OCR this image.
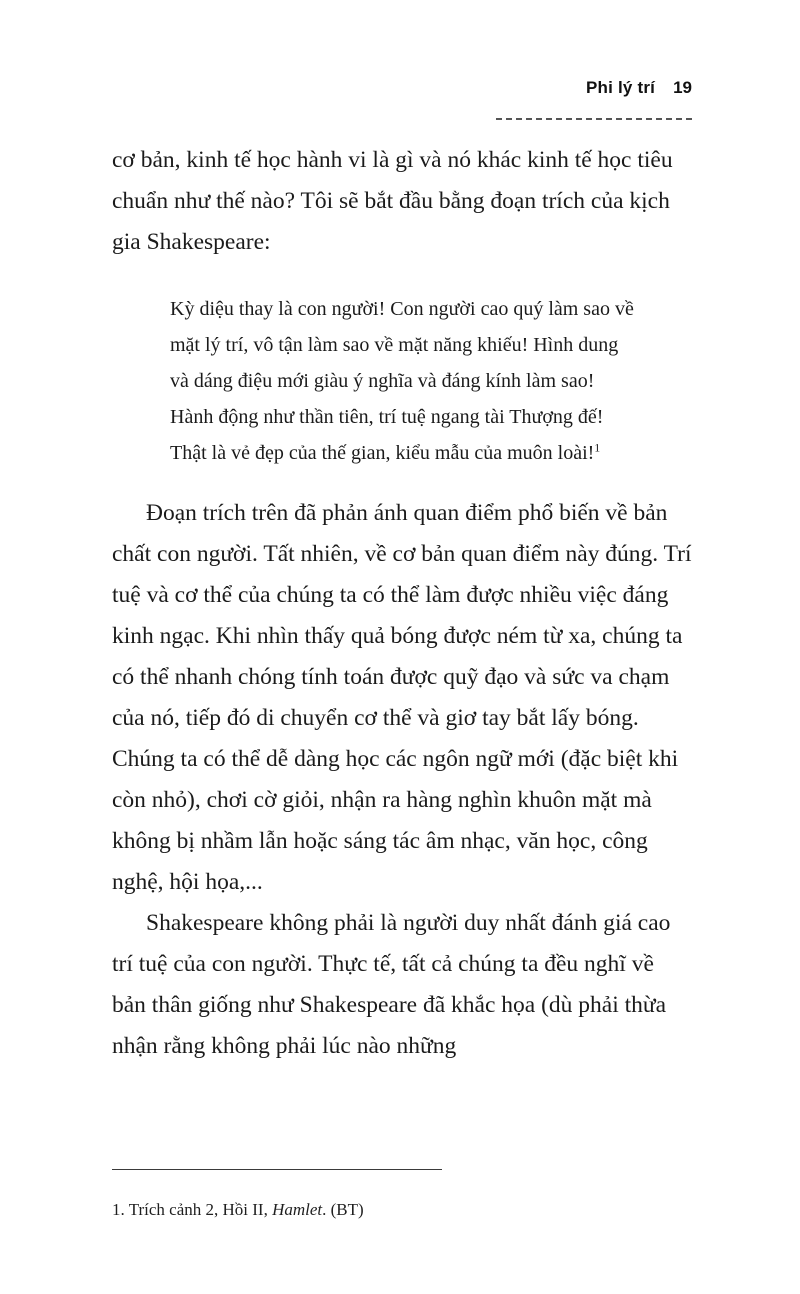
Phi lý trí 19

cơ bản, kinh tế học hành vi là gì và nó khác kinh tế học tiêu chuẩn như thế nào? Tôi sẽ bắt đầu bằng đoạn trích của kịch gia Shakespeare:

Kỳ diệu thay là con người! Con người cao quý làm sao về mặt lý trí, vô tận làm sao về mặt năng khiếu! Hình dung và dáng điệu mới giàu ý nghĩa và đáng kính làm sao! Hành động như thần tiên, trí tuệ ngang tài Thượng đế! Thật là vẻ đẹp của thế gian, kiểu mẫu của muôn loài!$^1$

Đoạn trích trên đã phản ánh quan điểm phổ biến về bản chất con người. Tất nhiên, về cơ bản quan điểm này đúng. Trí tuệ và cơ thể của chúng ta có thể làm được nhiều việc đáng kinh ngạc. Khi nhìn thấy quả bóng được ném từ xa, chúng ta có thể nhanh chóng tính toán được quỹ đạo và sức va chạm của nó, tiếp đó di chuyển cơ thể và giơ tay bắt lấy bóng. Chúng ta có thể dễ dàng học các ngôn ngữ mới (đặc biệt khi còn nhỏ), chơi cờ giỏi, nhận ra hàng nghìn khuôn mặt mà không bị nhầm lẫn hoặc sáng tác âm nhạc, văn học, công nghệ, hội họa,...

Shakespeare không phải là người duy nhất đánh giá cao trí tuệ của con người. Thực tế, tất cả chúng ta đều nghĩ về bản thân giống như Shakespeare đã khắc họa (dù phải thừa nhận rằng không phải lúc nào những

1. Trích cảnh 2, Hồi II, Hamlet. (BT)
